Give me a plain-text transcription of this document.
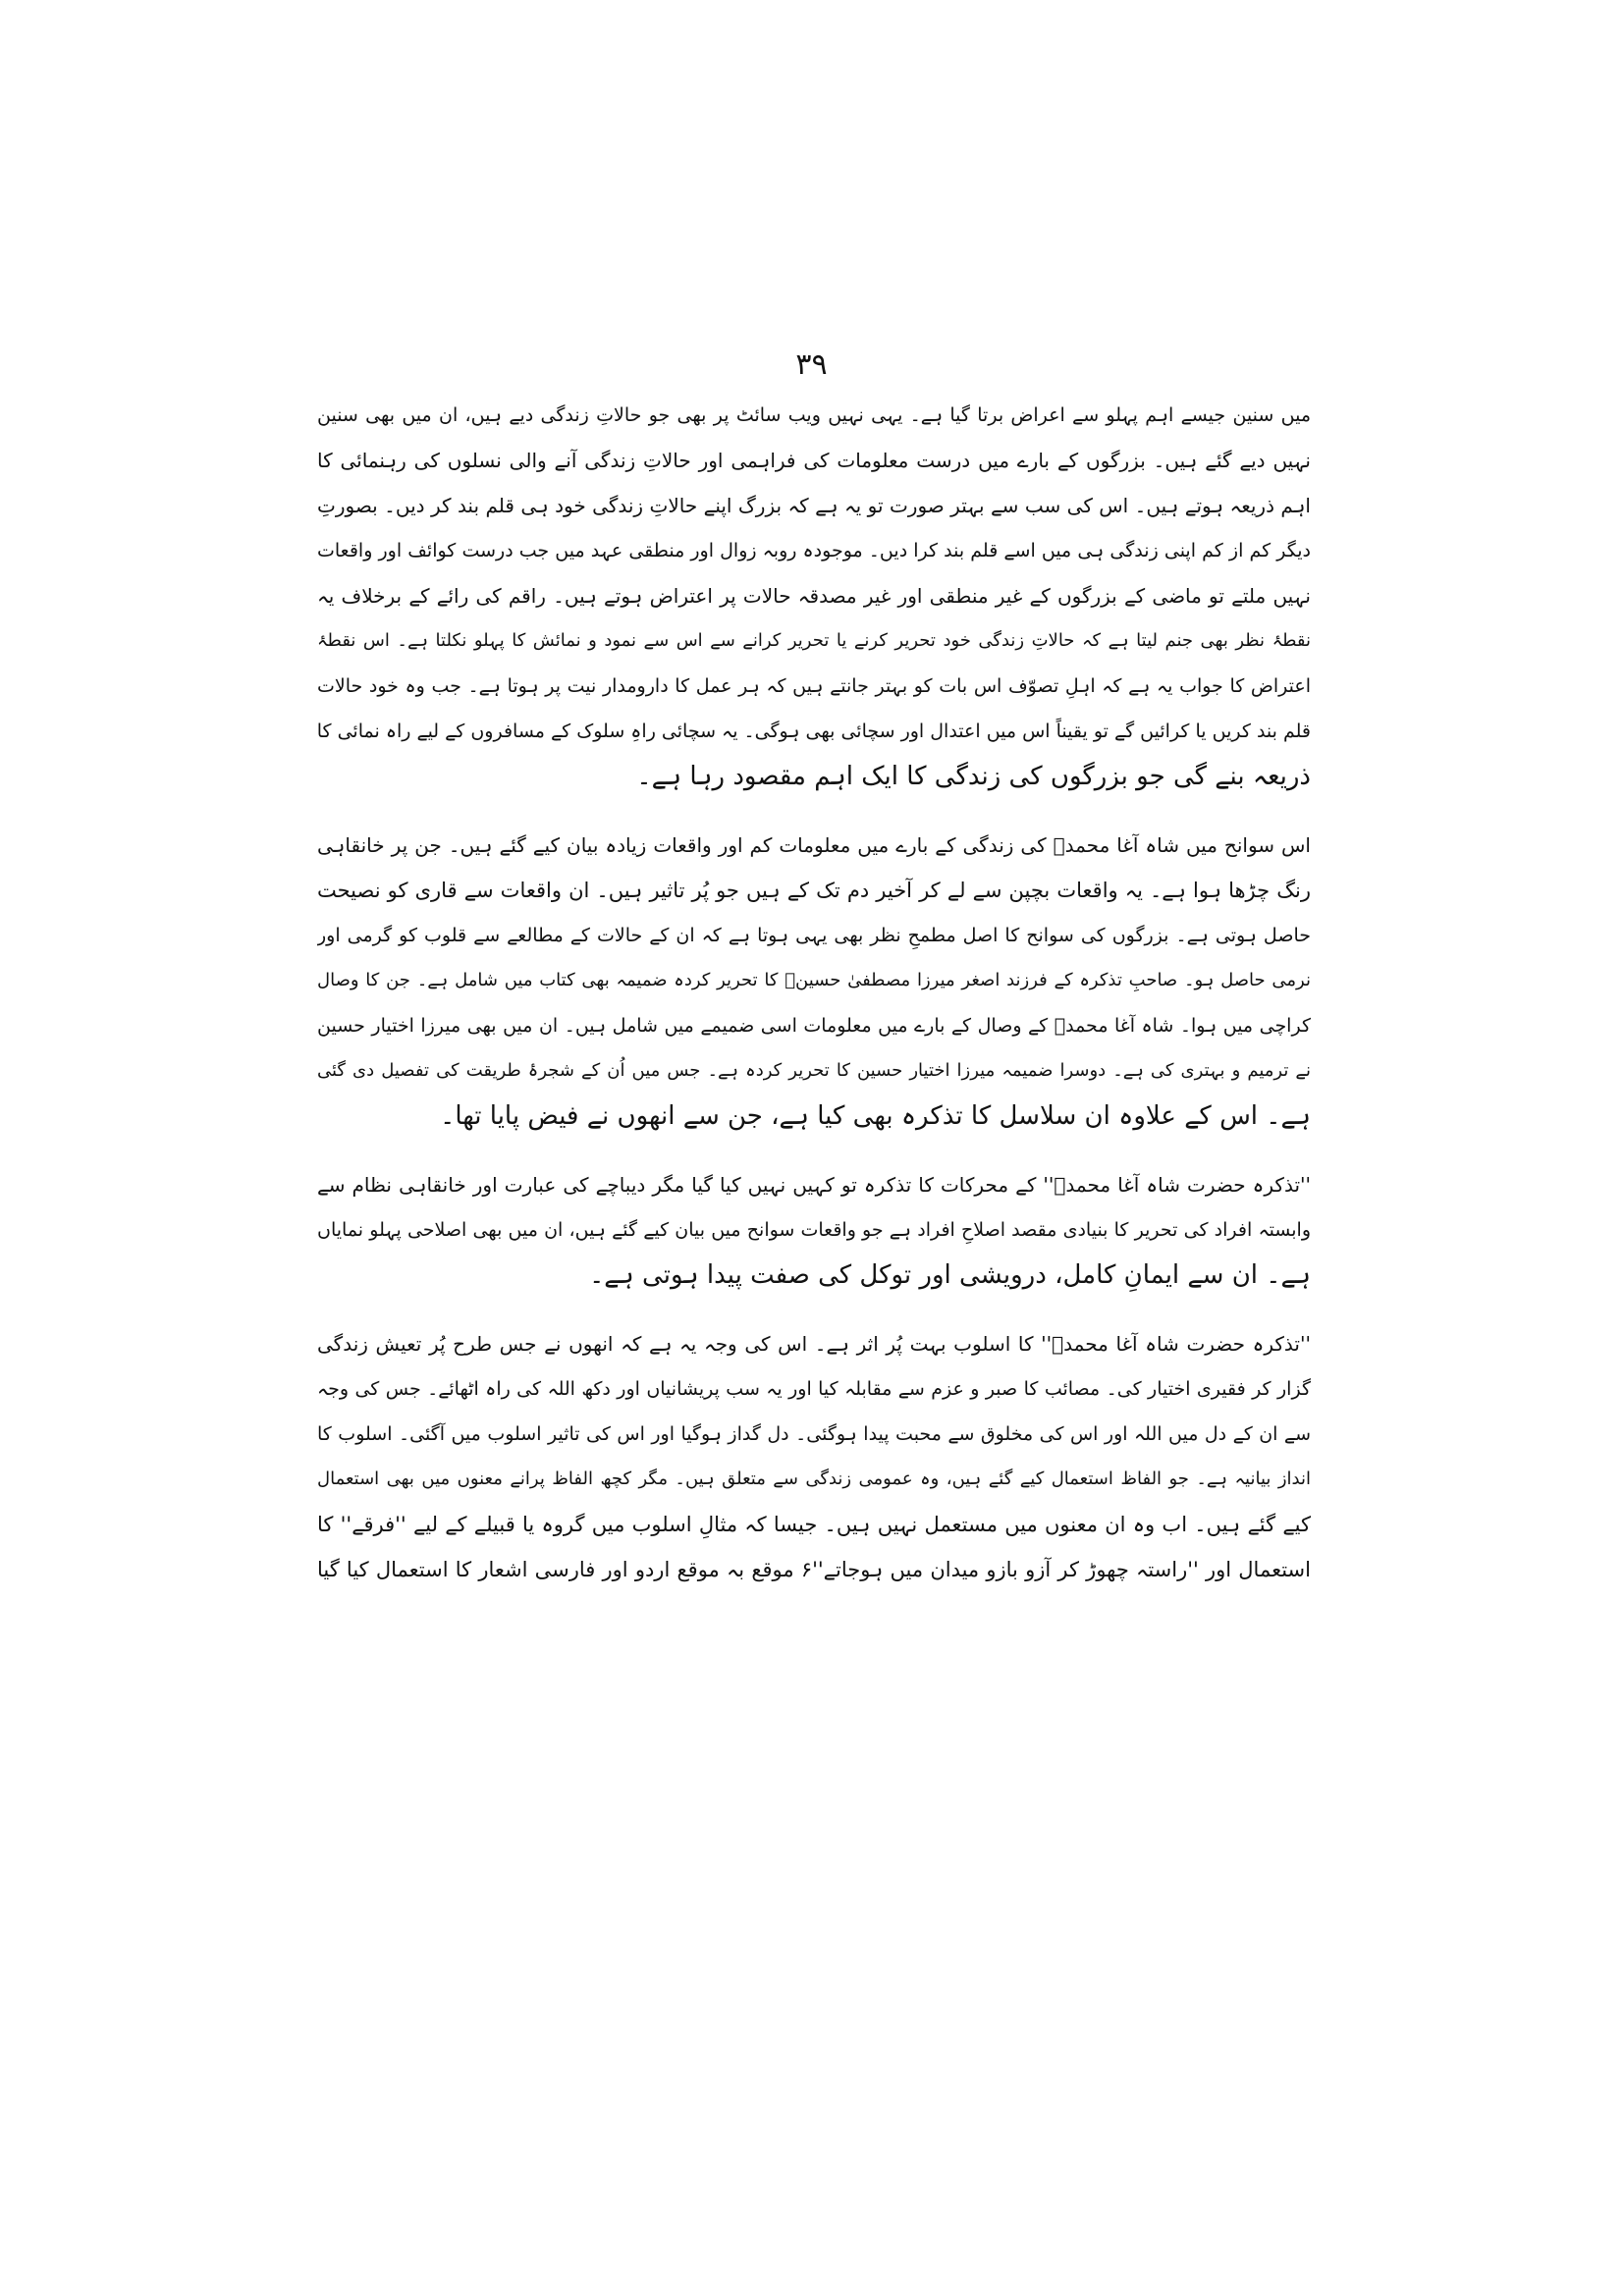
۳۹
میں سنین جیسے اہم پہلو سے اعراض برتا گیا ہے۔ یہی نہیں ویب سائٹ پر بھی جو حالاتِ زندگی دیے ہیں، ان میں بھی سنین
نہیں دیے گئے ہیں۔ بزرگوں کے بارے میں درست معلومات کی فراہمی اور حالاتِ زندگی آنے والی نسلوں کی رہنمائی کا
اہم ذریعہ ہوتے ہیں۔ اس کی سب سے بہتر صورت تو یہ ہے کہ بزرگ اپنے حالاتِ زندگی خود ہی قلم بند کر دیں۔ بصورتِ
دیگر کم از کم اپنی زندگی ہی میں اسے قلم بند کرا دیں۔ موجودہ روبہ زوال اور منطقی عہد میں جب درست کوائف اور واقعات
نہیں ملتے تو ماضی کے بزرگوں کے غیر منطقی اور غیر مصدقہ حالات پر اعتراض ہوتے ہیں۔ راقم کی رائے کے برخلاف یہ
نقطۂ نظر بھی جنم لیتا ہے کہ حالاتِ زندگی خود تحریر کرنے یا تحریر کرانے سے اس سے نمود و نمائش کا پہلو نکلتا ہے۔ اس نقطۂ
اعتراض کا جواب یہ ہے کہ اہلِ تصوّف اس بات کو بہتر جانتے ہیں کہ ہر عمل کا دارومدار نیت پر ہوتا ہے۔ جب وہ خود حالات
قلم بند کریں یا کرائیں گے تو یقیناً اس میں اعتدال اور سچائی بھی ہوگی۔ یہ سچائی راہِ سلوک کے مسافروں کے لیے راہ نمائی کا
ذریعہ بنے گی جو بزرگوں کی زندگی کا ایک اہم مقصود رہا ہے۔
اس سوانح میں شاہ آغا محمدؒ کی زندگی کے بارے میں معلومات کم اور واقعات زیادہ بیان کیے گئے ہیں۔ جن پر خانقاہی
رنگ چڑھا ہوا ہے۔ یہ واقعات بچپن سے لے کر آخیر دم تک کے ہیں جو پُر تاثیر ہیں۔ ان واقعات سے قاری کو نصیحت
حاصل ہوتی ہے۔ بزرگوں کی سوانح کا اصل مطمحِ نظر بھی یہی ہوتا ہے کہ ان کے حالات کے مطالعے سے قلوب کو گرمی اور
نرمی حاصل ہو۔ صاحبِ تذکرہ کے فرزند اصغر میرزا مصطفیٰ حسینؒ کا تحریر کردہ ضمیمہ بھی کتاب میں شامل ہے۔ جن کا وصال
کراچی میں ہوا۔ شاہ آغا محمدؒ کے وصال کے بارے میں معلومات اسی ضمیمے میں شامل ہیں۔ ان میں بھی میرزا اختیار حسین
نے ترمیم و بہتری کی ہے۔ دوسرا ضمیمہ میرزا اختیار حسین کا تحریر کردہ ہے۔ جس میں اُن کے شجرۂ طریقت کی تفصیل دی گئی
ہے۔ اس کے علاوہ ان سلاسل کا تذکرہ بھی کیا ہے، جن سے انھوں نے فیض پایا تھا۔
''تذکرہ حضرت شاہ آغا محمدؒ'' کے محرکات کا تذکرہ تو کہیں نہیں کیا گیا مگر دیباچے کی عبارت اور خانقاہی نظام سے
وابستہ افراد کی تحریر کا بنیادی مقصد اصلاحِ افراد ہے جو واقعات سوانح میں بیان کیے گئے ہیں، ان میں بھی اصلاحی پہلو نمایاں
ہے۔ ان سے ایمانِ کامل، درویشی اور توکل کی صفت پیدا ہوتی ہے۔
''تذکرہ حضرت شاہ آغا محمدؒ'' کا اسلوب بہت پُر اثر ہے۔ اس کی وجہ یہ ہے کہ انھوں نے جس طرح پُر تعیش زندگی
گزار کر فقیری اختیار کی۔ مصائب کا صبر و عزم سے مقابلہ کیا اور یہ سب پریشانیاں اور دکھ اللہ کی راہ اٹھائے۔ جس کی وجہ
سے ان کے دل میں اللہ اور اس کی مخلوق سے محبت پیدا ہوگئی۔ دل گداز ہوگیا اور اس کی تاثیر اسلوب میں آگئی۔ اسلوب کا
انداز بیانیہ ہے۔ جو الفاظ استعمال کیے گئے ہیں، وہ عمومی زندگی سے متعلق ہیں۔ مگر کچھ الفاظ پرانے معنوں میں بھی استعمال
کیے گئے ہیں۔ اب وہ ان معنوں میں مستعمل نہیں ہیں۔ جیسا کہ مثالِ اسلوب میں گروہ یا قبیلے کے لیے ''فرقے'' کا
استعمال اور ''راستہ چھوڑ کر آزو بازو میدان میں ہوجاتے''۶ موقع بہ موقع اردو اور فارسی اشعار کا استعمال کیا گیا
